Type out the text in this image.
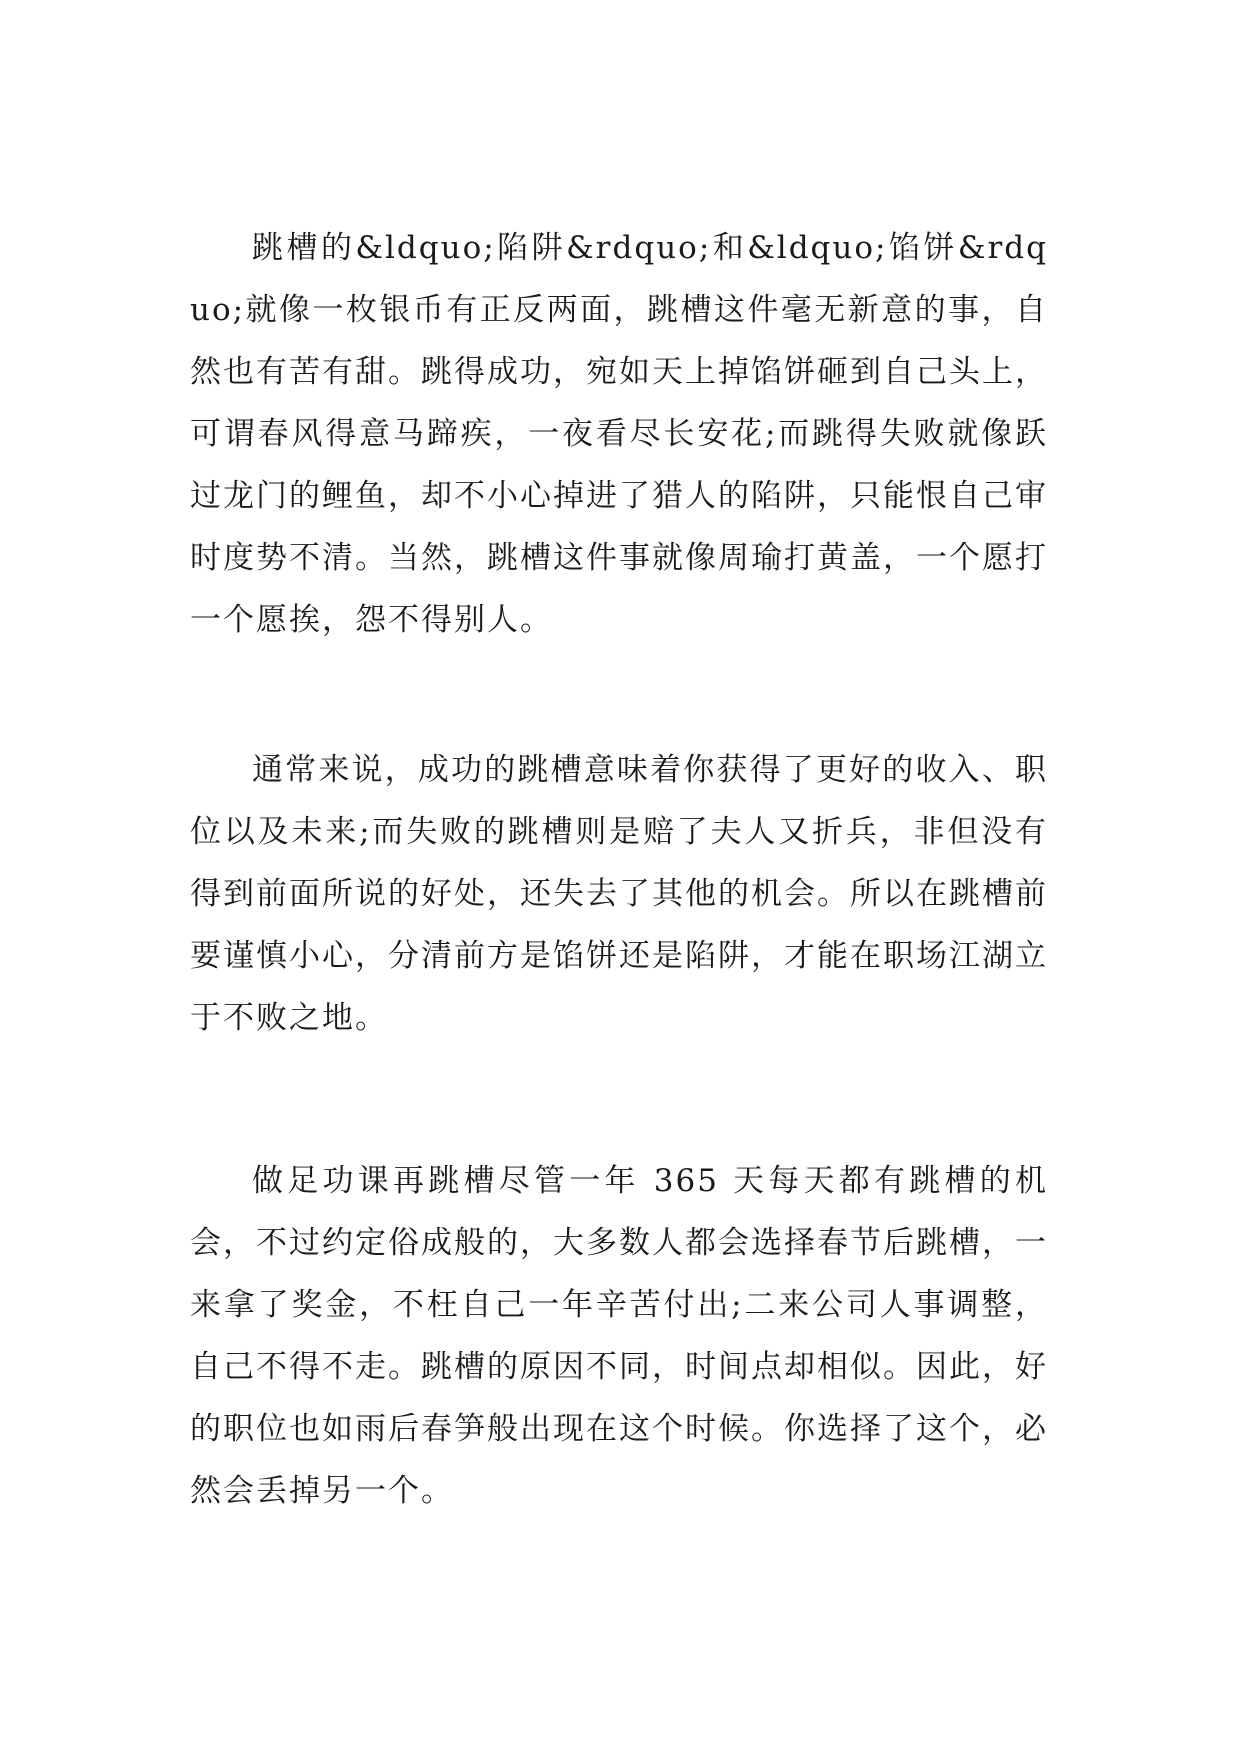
跳槽的&ldquo;陷阱&rdquo;和&ldquo;馅饼&rdquo;就像一枚银币有正反两面，跳槽这件毫无新意的事，自然也有苦有甜。跳得成功，宛如天上掉馅饼砸到自己头上，可谓春风得意马蹄疾，一夜看尽长安花;而跳得失败就像跃过龙门的鲤鱼，却不小心掉进了猎人的陷阱，只能恨自己审时度势不清。当然，跳槽这件事就像周瑜打黄盖，一个愿打一个愿挨，怨不得别人。

通常来说，成功的跳槽意味着你获得了更好的收入、职位以及未来;而失败的跳槽则是赔了夫人又折兵，非但没有得到前面所说的好处，还失去了其他的机会。所以在跳槽前要谨慎小心，分清前方是馅饼还是陷阱，才能在职场江湖立于不败之地。

做足功课再跳槽尽管一年 365 天每天都有跳槽的机会，不过约定俗成般的，大多数人都会选择春节后跳槽，一来拿了奖金，不枉自己一年辛苦付出;二来公司人事调整，自己不得不走。跳槽的原因不同，时间点却相似。因此，好的职位也如雨后春笋般出现在这个时候。你选择了这个，必然会丢掉另一个。
